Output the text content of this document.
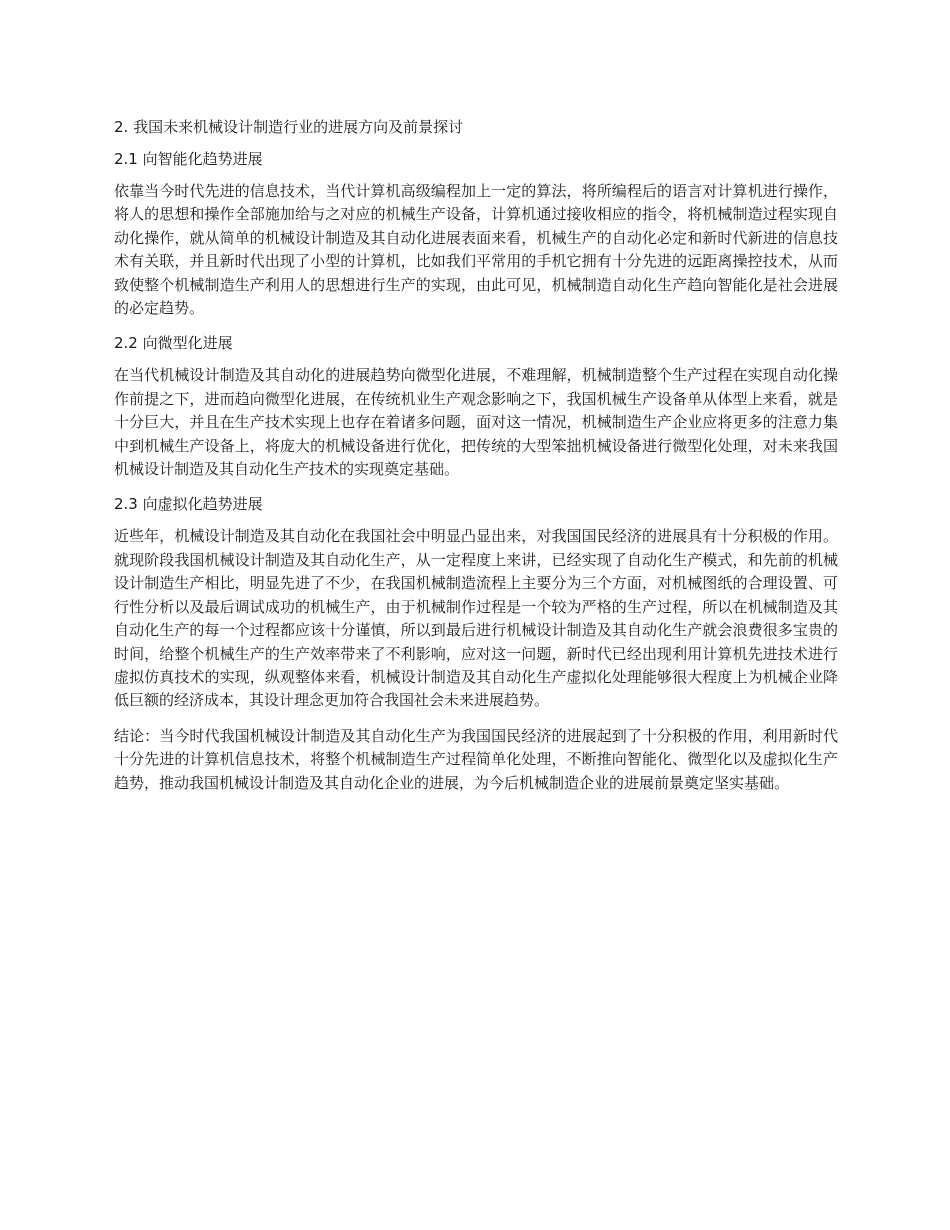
2. 我国未来机械设计制造行业的进展方向及前景探讨
2.1 向智能化趋势进展

依靠当今时代先进的信息技术，当代计算机高级编程加上一定的算法，将所编程后的语言对计算机进行操作，将人的思想和操作全部施加给与之对应的机械生产设备，计算机通过接收相应的指令，将机械制造过程实现自动化操作，就从简单的机械设计制造及其自动化进展表面来看，机械生产的自动化必定和新时代新进的信息技术有关联，并且新时代出现了小型的计算机，比如我们平常用的手机它拥有十分先进的远距离操控技术，从而致使整个机械制造生产利用人的思想进行生产的实现，由此可见，机械制造自动化生产趋向智能化是社会进展的必定趋势。

2.2 向微型化进展

在当代机械设计制造及其自动化的进展趋势向微型化进展，不难理解，机械制造整个生产过程在实现自动化操作前提之下，进而趋向微型化进展，在传统机业生产观念影响之下，我国机械生产设备单从体型上来看，就是十分巨大，并且在生产技术实现上也存在着诸多问题，面对这一情况，机械制造生产企业应将更多的注意力集中到机械生产设备上，将庞大的机械设备进行优化，把传统的大型笨拙机械设备进行微型化处理，对未来我国机械设计制造及其自动化生产技术的实现奠定基础。

2.3 向虚拟化趋势进展

近些年，机械设计制造及其自动化在我国社会中明显凸显出来，对我国国民经济的进展具有十分积极的作用。就现阶段我国机械设计制造及其自动化生产，从一定程度上来讲，已经实现了自动化生产模式，和先前的机械设计制造生产相比，明显先进了不少，在我国机械制造流程上主要分为三个方面，对机械图纸的合理设置、可行性分析以及最后调试成功的机械生产，由于机械制作过程是一个较为严格的生产过程，所以在机械制造及其自动化生产的每一个过程都应该十分谨慎，所以到最后进行机械设计制造及其自动化生产就会浪费很多宝贵的时间，给整个机械生产的生产效率带来了不利影响，应对这一问题，新时代已经出现利用计算机先进技术进行虚拟仿真技术的实现，纵观整体来看，机械设计制造及其自动化生产虚拟化处理能够很大程度上为机械企业降低巨额的经济成本，其设计理念更加符合我国社会未来进展趋势。

结论：当今时代我国机械设计制造及其自动化生产为我国国民经济的进展起到了十分积极的作用，利用新时代十分先进的计算机信息技术，将整个机械制造生产过程简单化处理，不断推向智能化、微型化以及虚拟化生产趋势，推动我国机械设计制造及其自动化企业的进展，为今后机械制造企业的进展前景奠定坚实基础。
